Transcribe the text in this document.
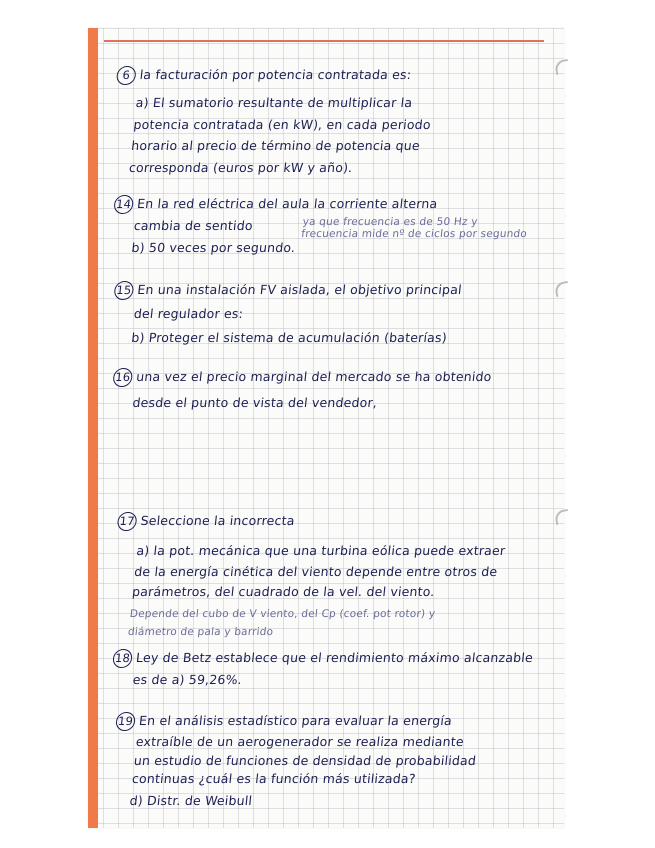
6 la facturación por potencia contratada es:
a) El sumatorio resultante de multiplicar la
potencia contratada (en kW), en cada periodo
horario al precio de término de potencia que
corresponda (euros por kW y año).
14 En la red eléctrica del aula la corriente alterna
cambia de sentido
b) 50 veces por segundo.
ya que frecuencia es de 50 Hz y
frecuencia mide nº de ciclos por segundo
15 En una instalación FV aislada, el objetivo principal
del regulador es:
b) Proteger el sistema de acumulación (baterías)
16 una vez el precio marginal del mercado se ha obtenido
desde el punto de vista del vendedor,
17 Seleccione la incorrecta
a) la pot. mecánica que una turbina eólica puede extraer
de la energía cinética del viento depende entre otros de
parámetros, del cuadrado de la vel. del viento.
Depende del cubo de V viento, del Cp (coef. pot rotor) y
diámetro de pala y barrido
18 Ley de Betz establece que el rendimiento máximo alcanzable
es de a) 59,26%.
19 En el análisis estadístico para evaluar la energía
extraíble de un aerogenerador se realiza mediante
un estudio de funciones de densidad de probabilidad
continuas ¿cuál es la función más utilizada?
d) Distr. de Weibull
